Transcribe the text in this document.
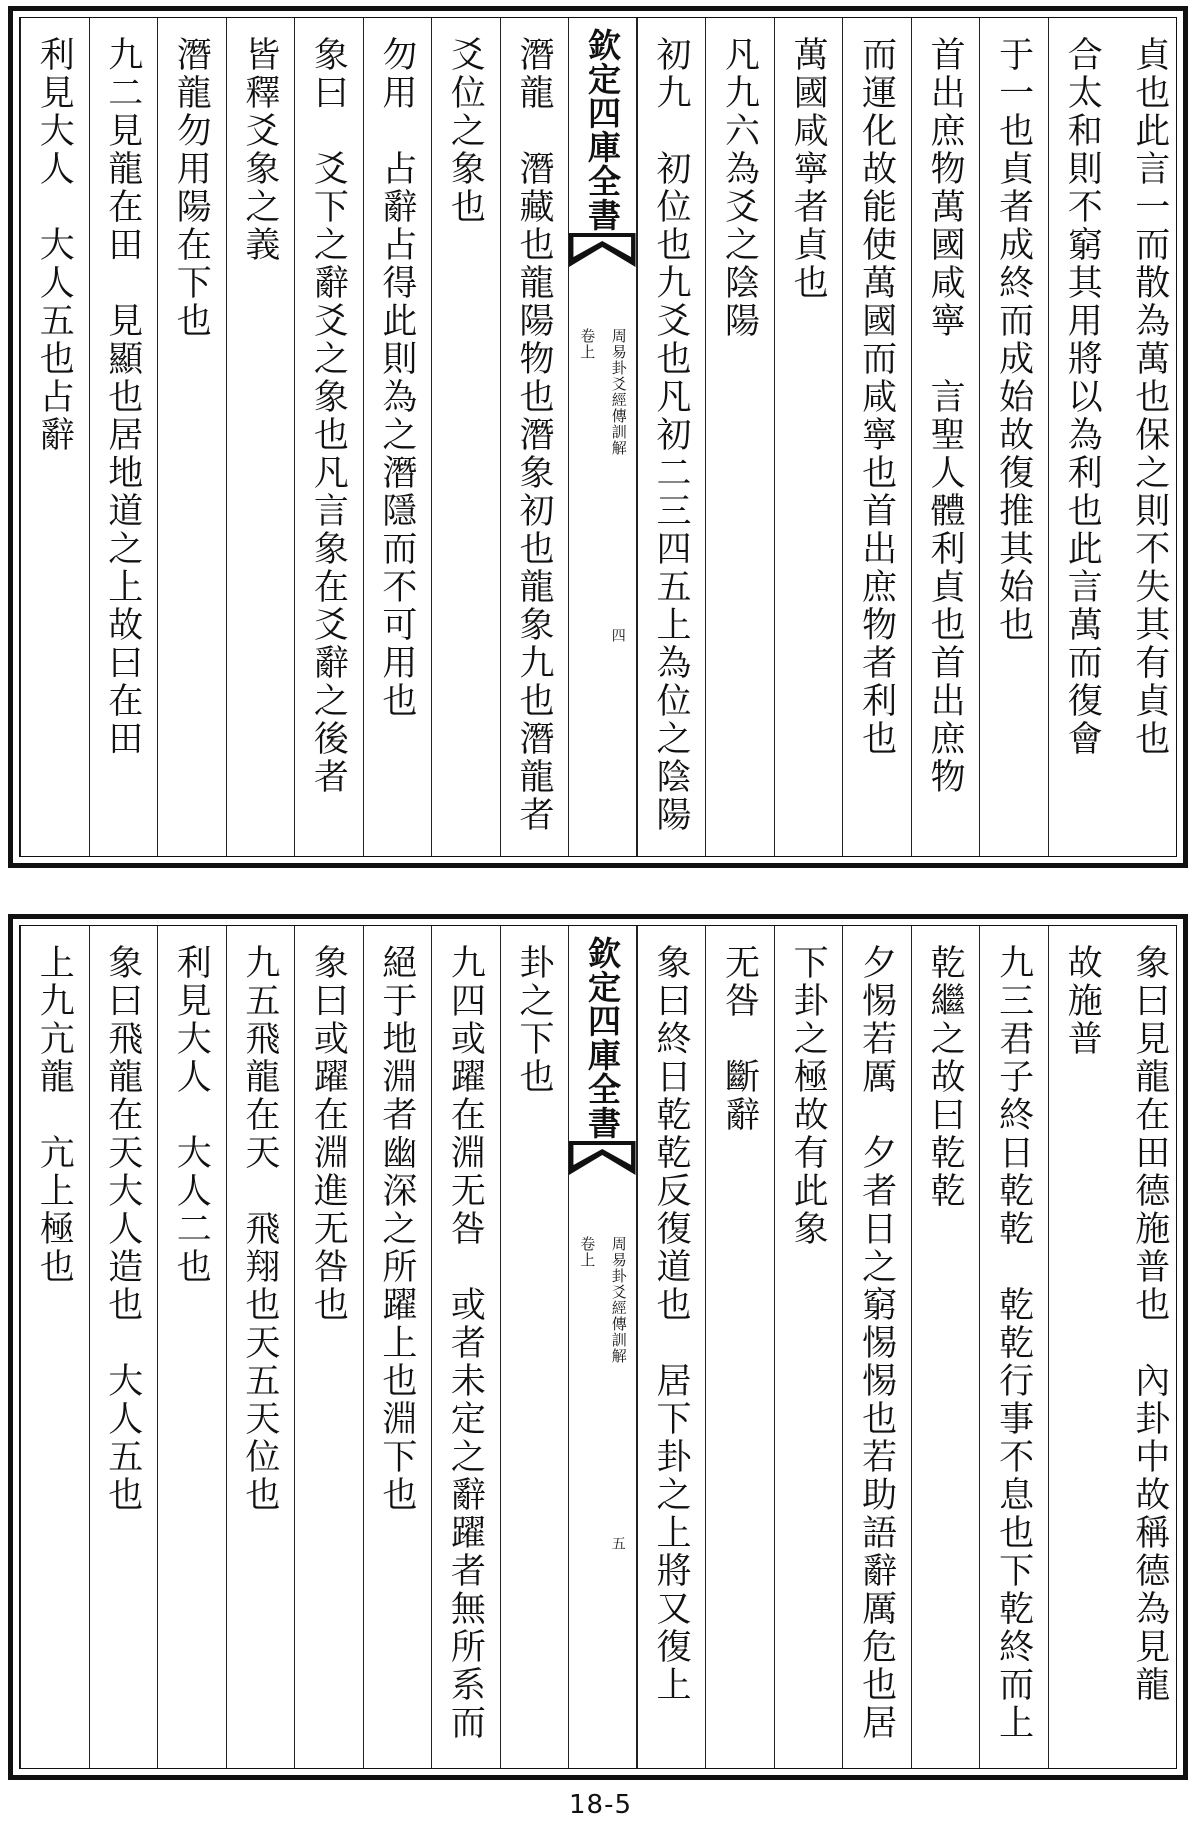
利見大人　大人五也占辭 九二見龍在田　見顯也居地道之上故曰在田 潛龍勿用陽在下也 皆釋爻象之義 象曰　爻下之辭爻之象也凡言象在爻辭之後者 勿用　占辭占得此則為之潛隱而不可用也 爻位之象也 潛龍　潛藏也龍陽物也潛象初也龍象九也潛龍者 欽定四庫全書
周易卦爻經傳訓解
卷上
四 初九　初位也九爻也凡初二三四五上為位之陰陽 凡九六為爻之陰陽 萬國咸寧者貞也 而運化故能使萬國而咸寧也首出庶物者利也 首出庶物萬國咸寧　言聖人體利貞也首出庶物 于一也貞者成終而成始故復推其始也 合太和則不窮其用將以為利也此言萬而復會 貞也此言一而散為萬也保之則不失其有貞也
上九亢龍　亢上極也 象曰飛龍在天大人造也　大人五也 利見大人　大人二也 九五飛龍在天　飛翔也天五天位也 象曰或躍在淵進无咎也 絕于地淵者幽深之所躍上也淵下也 九四或躍在淵无咎　或者未定之辭躍者無所系而 卦之下也 欽定四庫全書
周易卦爻經傳訓解
卷上
五 象曰終日乾乾反復道也　居下卦之上將又復上 无咎　斷辭 下卦之極故有此象 夕惕若厲　夕者日之窮惕惕也若助語辭厲危也居 乾繼之故曰乾乾 九三君子終日乾乾　乾乾行事不息也下乾終而上 故施普 象曰見龍在田德施普也　內卦中故稱德為見龍
18-5
